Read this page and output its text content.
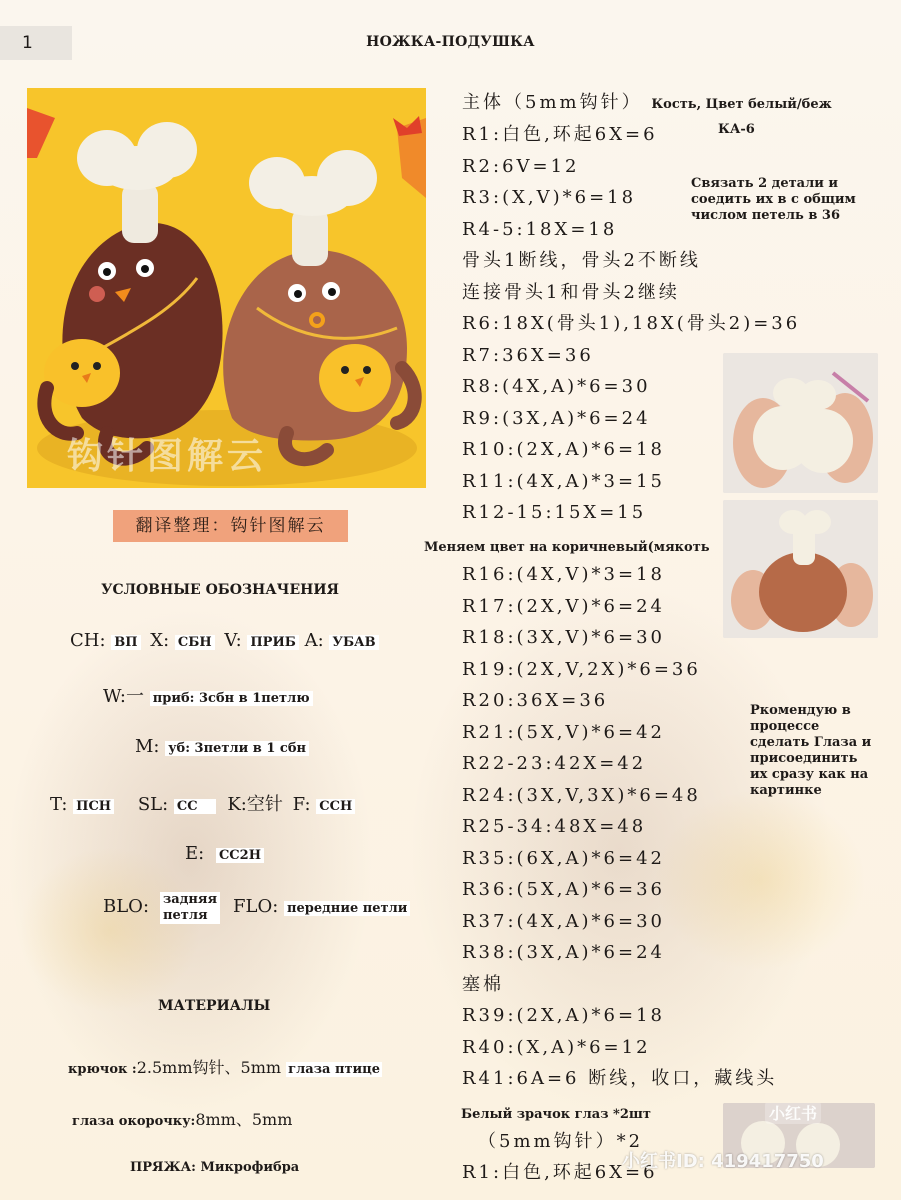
1	НОЖКА-ПОДУШКА
钩针图解云
翻译整理：钩针图解云
УСЛОВНЫЕ ОБОЗНАЧЕНИЯ
CH: ВП X: СБН V: ПРИБ A: УБАВ
W:一 приб: 3сбн в 1петлю
M: уб: 3петли в 1 сбн
T: ПСН SL: СС K:空针 F: ССН
E: СС2Н
BLO: задняя
петля	FLO: передние петли
МАТЕРИАЛЫ
крючок :2.5mm钩针、5mm глаза птице
глаза окорочку:8mm、5mm
ПРЯЖА: Микрофибра
主体（5mm钩针） Кость, Цвет белый/беж
КА-6
R1:白色,环起6X=6
R2:6V=12
R3:(X,V)*6=18
R4-5:18X=18
骨头1断线，骨头2不断线
连接骨头1和骨头2继续
R6:18X(骨头1),18X(骨头2)=36
R7:36X=36
R8:(4X,A)*6=30
R9:(3X,A)*6=24
R10:(2X,A)*6=18
R11:(4X,A)*3=15
R12-15:15X=15
Связать 2 детали и
соедить их в с общим
числом петель в 36
Меняем цвет на коричневый(мякоть
R16:(4X,V)*3=18
R17:(2X,V)*6=24
R18:(3X,V)*6=30
R19:(2X,V,2X)*6=36
R20:36X=36
R21:(5X,V)*6=42
R22-23:42X=42
R24:(3X,V,3X)*6=48
R25-34:48X=48
R35:(6X,A)*6=42
R36:(5X,A)*6=36
R37:(4X,A)*6=30
R38:(3X,A)*6=24
塞棉
R39:(2X,A)*6=18
R40:(X,A)*6=12
R41:6A=6 断线，收口，藏线头
Ркомендую в
процессе
сделать Глаза и
присоединить
их сразу как на
картинке
Белый зрачок глаз *2шт
（5mm钩针）*2
R1:白色,环起6X=6
小红书
小红书ID: 419417750
